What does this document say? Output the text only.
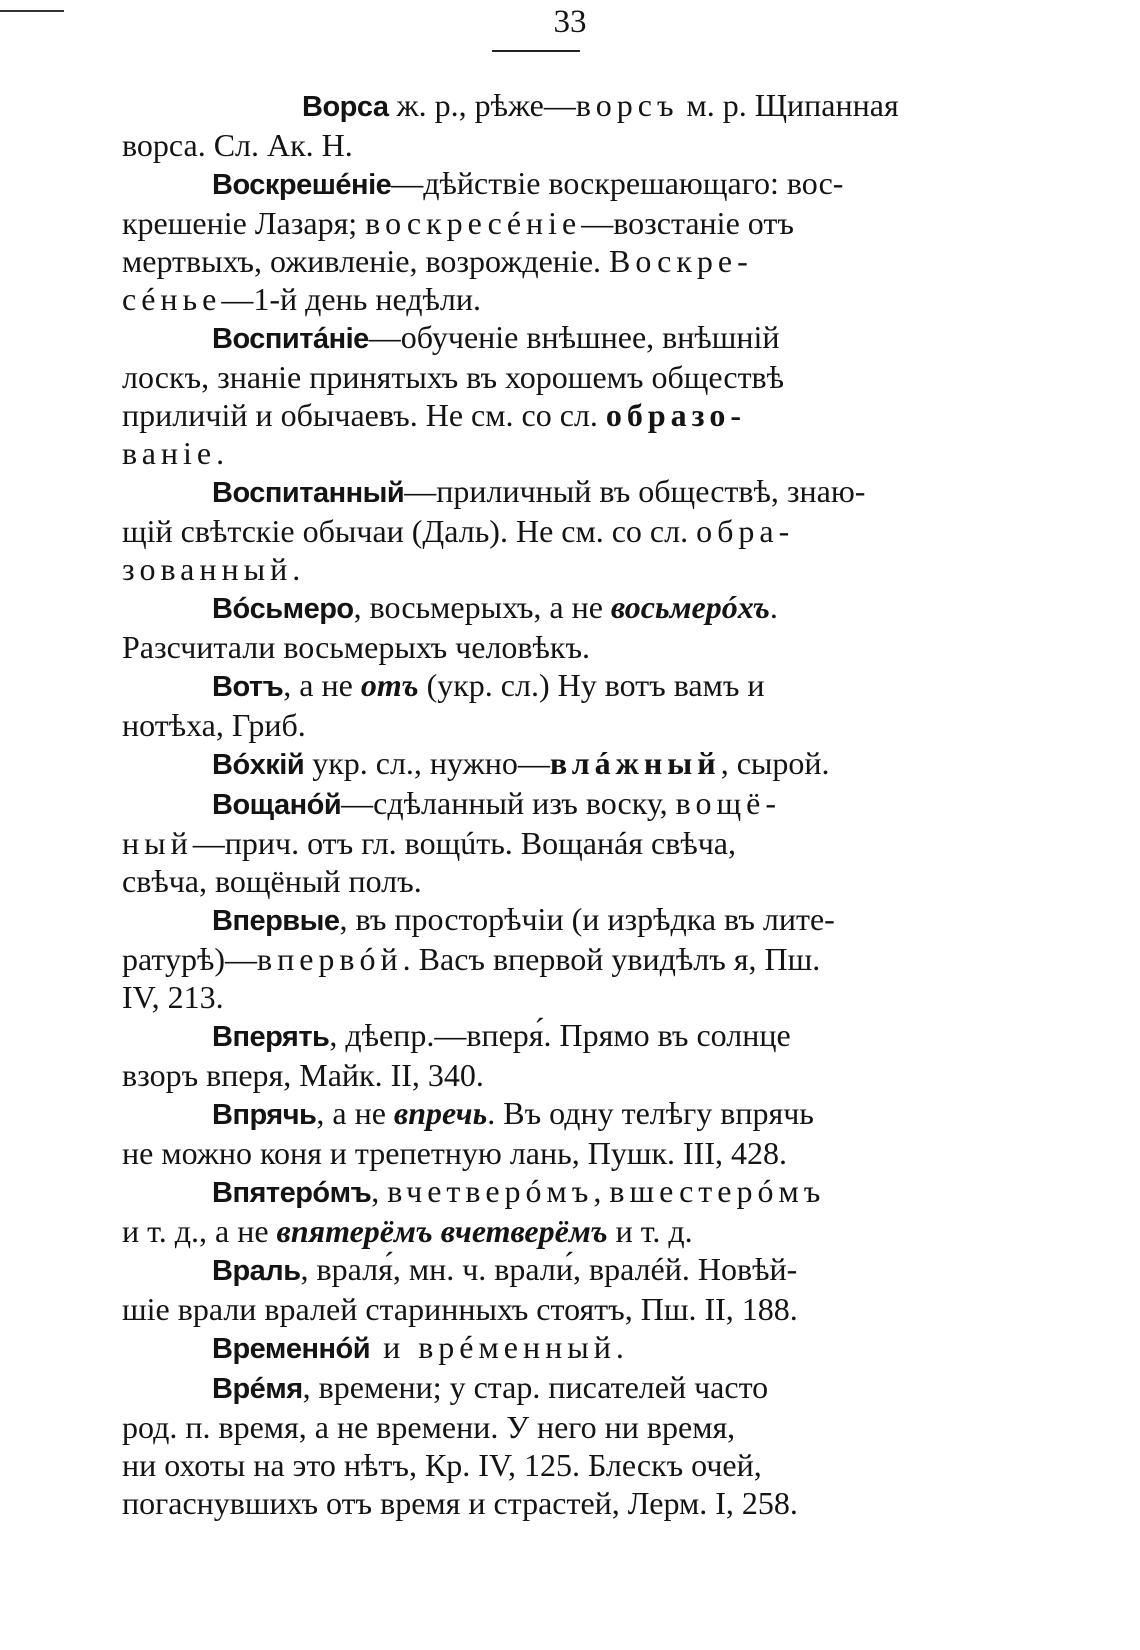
33
Ворса ж. р., рѣже—ворсъ м. р. Щипанная
ворса. Сл. Ак. Н.
Воскрешéніе—дѣйствіе воскрешающаго: вос-
крешеніе Лазаря; воскресéніе—возстаніе отъ
мертвыхъ, оживленіе, возрожденіе. Воскре-
сéнье—1-й день недѣли.
Воспитáніе—обученіе внѣшнее, внѣшній
лоскъ, знаніе принятыхъ въ хорошемъ обществѣ
приличій и обычаевъ. Не см. со сл. образо-
ваніе.
Воспитанный—приличный въ обществѣ, знаю-
щій свѣтскіе обычаи (Даль). Не см. со сл. обра-
зованный.
Вóсьмеро, восьмерыхъ, а не восьмерóхъ.
Разсчитали восьмерыхъ человѣкъ.
Вотъ, а не отъ (укр. сл.) Ну вотъ вамъ и
нотѣха, Гриб.
Вóхкій укр. сл., нужно—влáжный, сырой.
Вощанóй—сдѣланный изъ воску, вощё-
ный—прич. отъ гл. вощúть. Вощанáя свѣча,
свѣча, вощёный полъ.
Впервые, въ просторѣчіи (и изрѣдка въ лите-
ратурѣ)—впервóй. Васъ впервой увидѣлъ я, Пш.
IV, 213.
Вперять, дѣепр.—вперя́. Прямо въ солнце
взоръ вперя, Майк. II, 340.
Впрячь, а не впречь. Въ одну телѣгу впрячь
не можно коня и трепетную лань, Пушк. III, 428.
Впятерóмъ, вчетверóмъ, вшестерóмъ
и т. д., а не впятерёмъ вчетверёмъ и т. д.
Враль, враля́, мн. ч. врали́, вралéй. Новѣй-
шіе врали вралей старинныхъ стоятъ, Пш. II, 188.
Временнóй и врéменный.
Врéмя, времени; у стар. писателей часто
род. п. время, а не времени. У него ни время,
ни охоты на это нѣтъ, Кр. IV, 125. Блескъ очей,
погаснувшихъ отъ время и страстей, Лерм. I, 258.
